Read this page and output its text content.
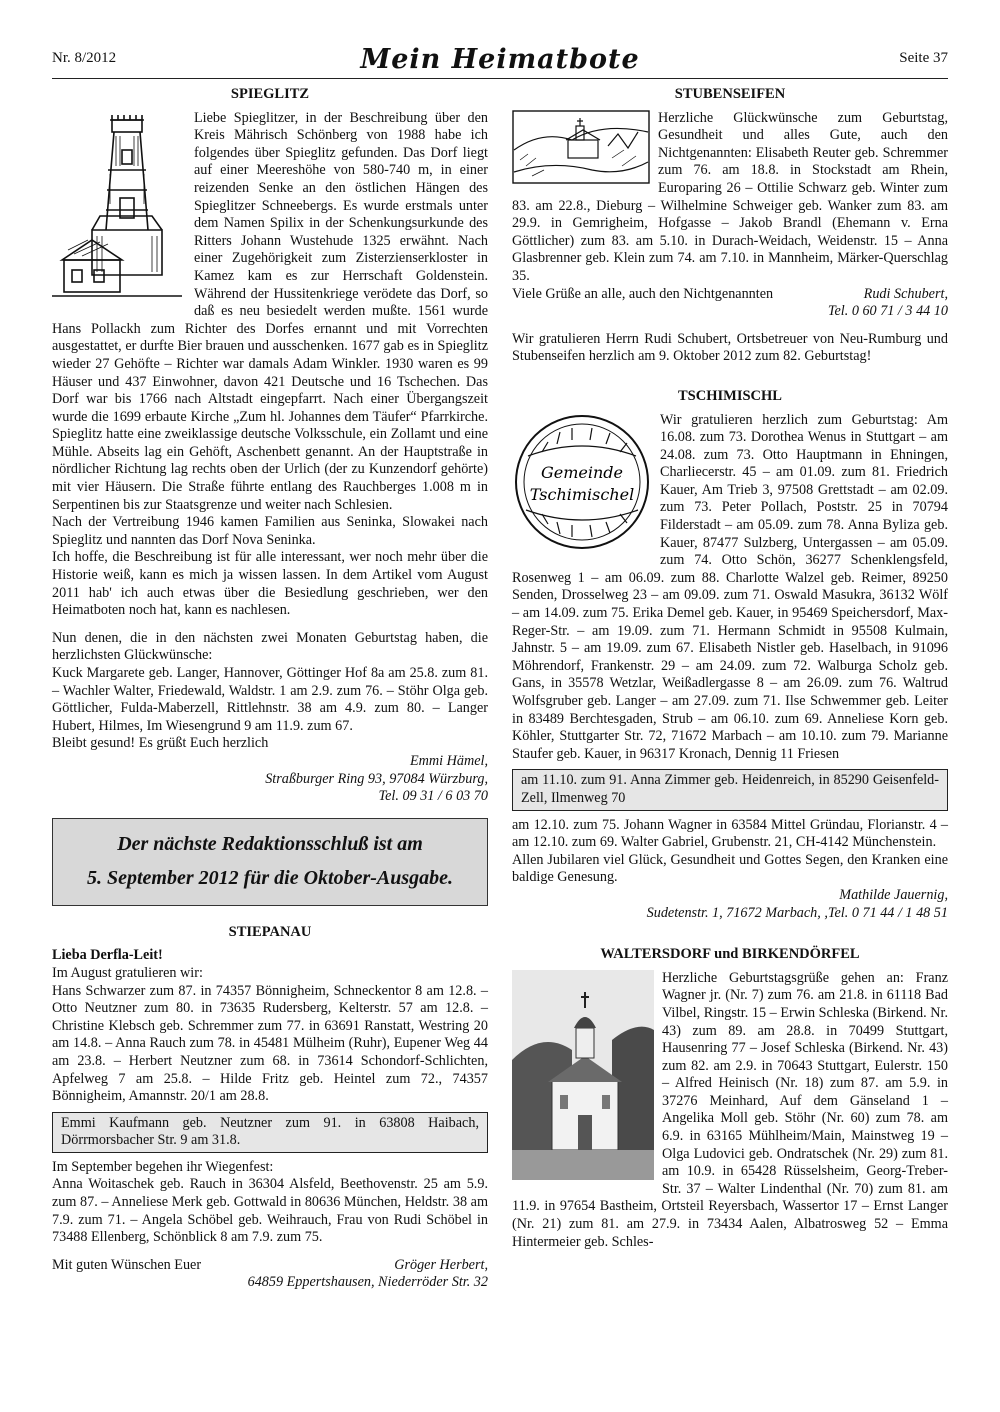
Nr. 8/2012	Mein Heimatbote	Seite 37
SPIEGLITZ

Liebe Spieglitzer, in der Beschreibung über den Kreis Mährisch Schönberg von 1988 habe ich folgendes über Spieglitz gefunden. Das Dorf liegt auf einer Meereshöhe von 580-740 m, in einer reizenden Senke an den östlichen Hängen des Spieglitzer Schneebergs. Es wurde erstmals unter dem Namen Spilix in der Schenkungsurkunde des Ritters Johann Wustehude 1325 erwähnt. Nach einer Zugehörigkeit zum Zisterzienserkloster in Kamez kam es zur Herrschaft Goldenstein. Während der Hussitenkriege verödete das Dorf, so daß es neu besiedelt werden mußte. 1561 wurde Hans Pollackh zum Richter des Dorfes ernannt und mit Vorrechten ausgestattet, er durfte Bier brauen und ausschenken. 1677 gab es in Spieglitz wieder 27 Gehöfte – Richter war damals Adam Winkler. 1930 waren es 99 Häuser und 437 Einwohner, davon 421 Deutsche und 16 Tschechen. Das Dorf war bis 1766 nach Altstadt eingepfarrt. Nach einer Übergangszeit wurde die 1699 erbaute Kirche „Zum hl. Johannes dem Täufer“ Pfarrkirche. Spieglitz hatte eine zweiklassige deutsche Volksschule, ein Zollamt und eine Mühle. Abseits lag ein Gehöft, Aschenbett genannt. An der Hauptstraße in nördlicher Richtung lag rechts oben der Urlich (der zu Kunzendorf gehörte) mit vier Häusern. Die Straße führte entlang des Rauchberges 1.008 m in Serpentinen bis zur Staatsgrenze und weiter nach Schlesien.

Nach der Vertreibung 1946 kamen Familien aus Seninka, Slowakei nach Spieglitz und nannten das Dorf Nova Seninka.

Ich hoffe, die Beschreibung ist für alle interessant, wer noch mehr über die Historie weiß, kann es mich ja wissen lassen. In dem Artikel vom August 2011 hab' ich auch etwas über die Besiedlung geschrieben, wer den Heimatboten noch hat, kann es nachlesen.

Nun denen, die in den nächsten zwei Monaten Geburtstag haben, die herzlichsten Glückwünsche:

Kuck Margarete geb. Langer, Hannover, Göttinger Hof 8a am 25.8. zum 81. – Wachler Walter, Friedewald, Waldstr. 1 am 2.9. zum 76. – Stöhr Olga geb. Göttlicher, Fulda-Maberzell, Rittlehnstr. 38 am 4.9. zum 80. – Langer Hubert, Hilmes, Im Wiesengrund 9 am 11.9. zum 67.

Bleibt gesund! Es grüßt Euch herzlich

Emmi Hämel,

Straßburger Ring 93, 97084 Würzburg,

Tel. 09 31 / 6 03 70

Der nächste Redaktionsschluß ist am
5. September 2012 für die Oktober-Ausgabe.
STIEPANAU

Lieba Derfla-Leit!

Im August gratulieren wir:

Hans Schwarzer zum 87. in 74357 Bönnigheim, Schneckentor 8 am 12.8. – Otto Neutzner zum 80. in 73635 Rudersberg, Kelterstr. 57 am 12.8. – Christine Klebsch geb. Schremmer zum 77. in 63691 Ranstatt, Westring 20 am 14.8. – Anna Rauch zum 78. in 45481 Mülheim (Ruhr), Eupener Weg 44 am 23.8. – Herbert Neutzner zum 68. in 73614 Schondorf-Schlichten, Apfelweg 7 am 25.8. – Hilde Fritz geb. Heintel zum 72., 74357 Bönnigheim, Amannstr. 20/1 am 28.8.

Emmi Kaufmann geb. Neutzner zum 91. in 63808 Haibach, Dörrmorsbacher Str. 9 am 31.8.

Im September begehen ihr Wiegenfest:

Anna Woitaschek geb. Rauch in 36304 Alsfeld, Beethovenstr. 25 am 5.9. zum 87. – Anneliese Merk geb. Gottwald in 80636 München, Heldstr. 38 am 7.9. zum 71. – Angela Schöbel geb. Weihrauch, Frau von Rudi Schöbel in 73488 Ellenberg, Schönblick 8 am 7.9. zum 75.

Mit guten Wünschen Euer	Gröger Herbert,

64859 Eppertshausen, Niederröder Str. 32

STUBENSEIFEN

Herzliche Glückwünsche zum Geburtstag, Gesundheit und alles Gute, auch den Nichtgenannten: Elisabeth Reuter geb. Schremmer zum 76. am 18.8. in Stockstadt am Rhein, Europaring 26 – Ottilie Schwarz geb. Winter zum 83. am 22.8., Dieburg – Wilhelmine Schweiger geb. Wanker zum 83. am 29.9. in Gemrigheim, Hofgasse – Jakob Brandl (Ehemann v. Erna Göttlicher) zum 83. am 5.10. in Durach-Weidach, Weidenstr. 15 – Anna Glasbrenner geb. Klein zum 74. am 7.10. in Mannheim, Märker-Querschlag 35.

Viele Grüße an alle, auch den Nichtgenannten	Rudi Schubert,

Tel. 0 60 71 / 3 44 10

Wir gratulieren Herrn Rudi Schubert, Ortsbetreuer von Neu-Rumburg und Stubenseifen herzlich am 9. Oktober 2012 zum 82. Geburtstag!

TSCHIMISCHL
Gemeinde
Tschimischel

Wir gratulieren herzlich zum Geburtstag: Am 16.08. zum 73. Dorothea Wenus in Stuttgart – am 24.08. zum 73. Otto Hauptmann in Ehningen, Charliecerstr. 45 – am 01.09. zum 81. Friedrich Kauer, Am Trieb 3, 97508 Grettstadt – am 02.09. zum 73. Peter Pollach, Poststr. 25 in 70794 Filderstadt – am 05.09. zum 78. Anna Byliza geb. Kauer, 87477 Sulzberg, Untergassen – am 05.09. zum 74. Otto Schön, 36277 Schenklengsfeld, Rosenweg 1 – am 06.09. zum 88. Charlotte Walzel geb. Reimer, 89250 Senden, Drosselweg 23 – am 09.09. zum 71. Oswald Masukra, 36132 Wölf – am 14.09. zum 75. Erika Demel geb. Kauer, in 95469 Speichersdorf, Max-Reger-Str. – am 19.09. zum 71. Hermann Schmidt in 95508 Kulmain, Jahnstr. 5 – am 19.09. zum 67. Elisabeth Nistler geb. Haselbach, in 91096 Möhrendorf, Frankenstr. 29 – am 24.09. zum 72. Walburga Scholz geb. Gans, in 35578 Wetzlar, Weißadlergasse 8 – am 26.09. zum 76. Waltrud Wolfsgruber geb. Langer – am 27.09. zum 71. Ilse Schwemmer geb. Leiter in 83489 Berchtesgaden, Strub – am 06.10. zum 69. Anneliese Korn geb. Köhler, Stuttgarter Str. 72, 71672 Marbach – am 10.10. zum 79. Marianne Staufer geb. Kauer, in 96317 Kronach, Dennig 11 Friesen

am 11.10. zum 91. Anna Zimmer geb. Heidenreich, in 85290 Geisenfeld-Zell, Ilmenweg 70

am 12.10. zum 75. Johann Wagner in 63584 Mittel Gründau, Florianstr. 4 – am 12.10. zum 69. Walter Gabriel, Grubenstr. 21, CH-4142 Münchenstein.

Allen Jubilaren viel Glück, Gesundheit und Gottes Segen, den Kranken eine baldige Genesung.

Mathilde Jauernig,

Sudetenstr. 1, 71672 Marbach, ,Tel. 0 71 44 / 1 48 51

WALTERSDORF und BIRKENDÖRFEL

Herzliche Geburtstagsgrüße gehen an: Franz Wagner jr. (Nr. 7) zum 76. am 21.8. in 61118 Bad Vilbel, Ringstr. 15 – Erwin Schleska (Birkend. Nr. 43) zum 89. am 28.8. in 70499 Stuttgart, Hausenring 77 – Josef Schleska (Birkend. Nr. 43) zum 82. am 2.9. in 70643 Stuttgart, Eulerstr. 150 – Alfred Heinisch (Nr. 18) zum 87. am 5.9. in 37276 Meinhard, Auf dem Gänseland 1 – Angelika Moll geb. Stöhr (Nr. 60) zum 78. am 6.9. in 63165 Mühlheim/Main, Mainstweg 19 – Olga Ludovici geb. Ondratschek (Nr. 29) zum 81. am 10.9. in 65428 Rüsselsheim, Georg-Treber-Str. 37 – Walter Lindenthal (Nr. 70) zum 81. am 11.9. in 97654 Bastheim, Ortsteil Reyersbach, Wassertor 17 – Ernst Langer (Nr. 21) zum 81. am 27.9. in 73434 Aalen, Albatrosweg 52 – Emma Hintermeier geb. Schles-
